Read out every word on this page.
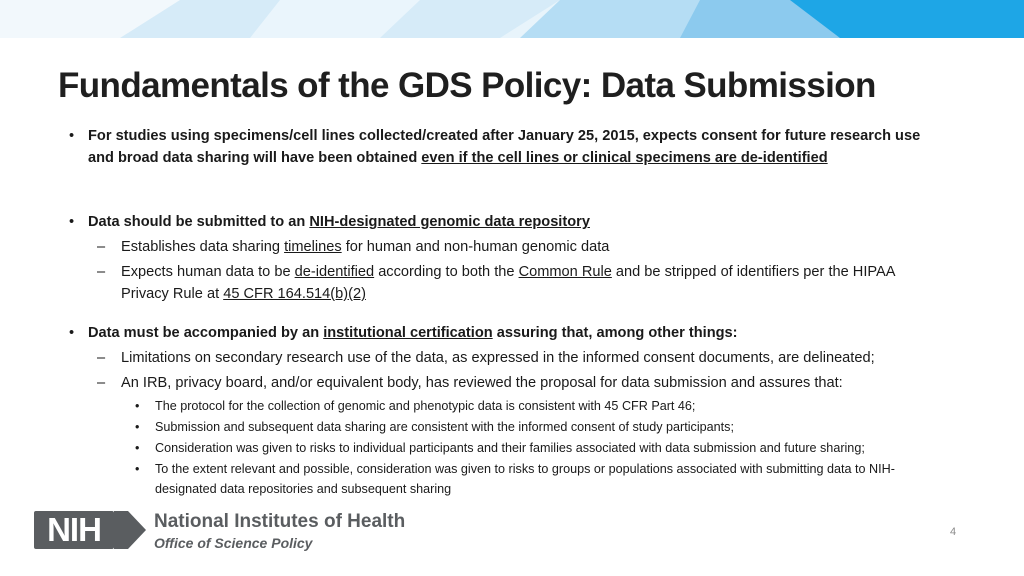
Fundamentals of the GDS Policy: Data Submission
• For studies using specimens/cell lines collected/created after January 25, 2015, expects consent for future research use and broad data sharing will have been obtained even if the cell lines or clinical specimens are de-identified
• Data should be submitted to an NIH-designated genomic data repository
– Establishes data sharing timelines for human and non-human genomic data
– Expects human data to be de-identified according to both the Common Rule and be stripped of identifiers per the HIPAA Privacy Rule at 45 CFR 164.514(b)(2)
• Data must be accompanied by an institutional certification assuring that, among other things:
– Limitations on secondary research use of the data, as expressed in the informed consent documents, are delineated;
– An IRB, privacy board, and/or equivalent body, has reviewed the proposal for data submission and assures that:
• The protocol for the collection of genomic and phenotypic data is consistent with 45 CFR Part 46;
• Submission and subsequent data sharing are consistent with the informed consent of study participants;
• Consideration was given to risks to individual participants and their families associated with data submission and future sharing;
• To the extent relevant and possible, consideration was given to risks to groups or populations associated with submitting data to NIH-designated data repositories and subsequent sharing
NIH	National Institutes of Health
Office of Science Policy
4
